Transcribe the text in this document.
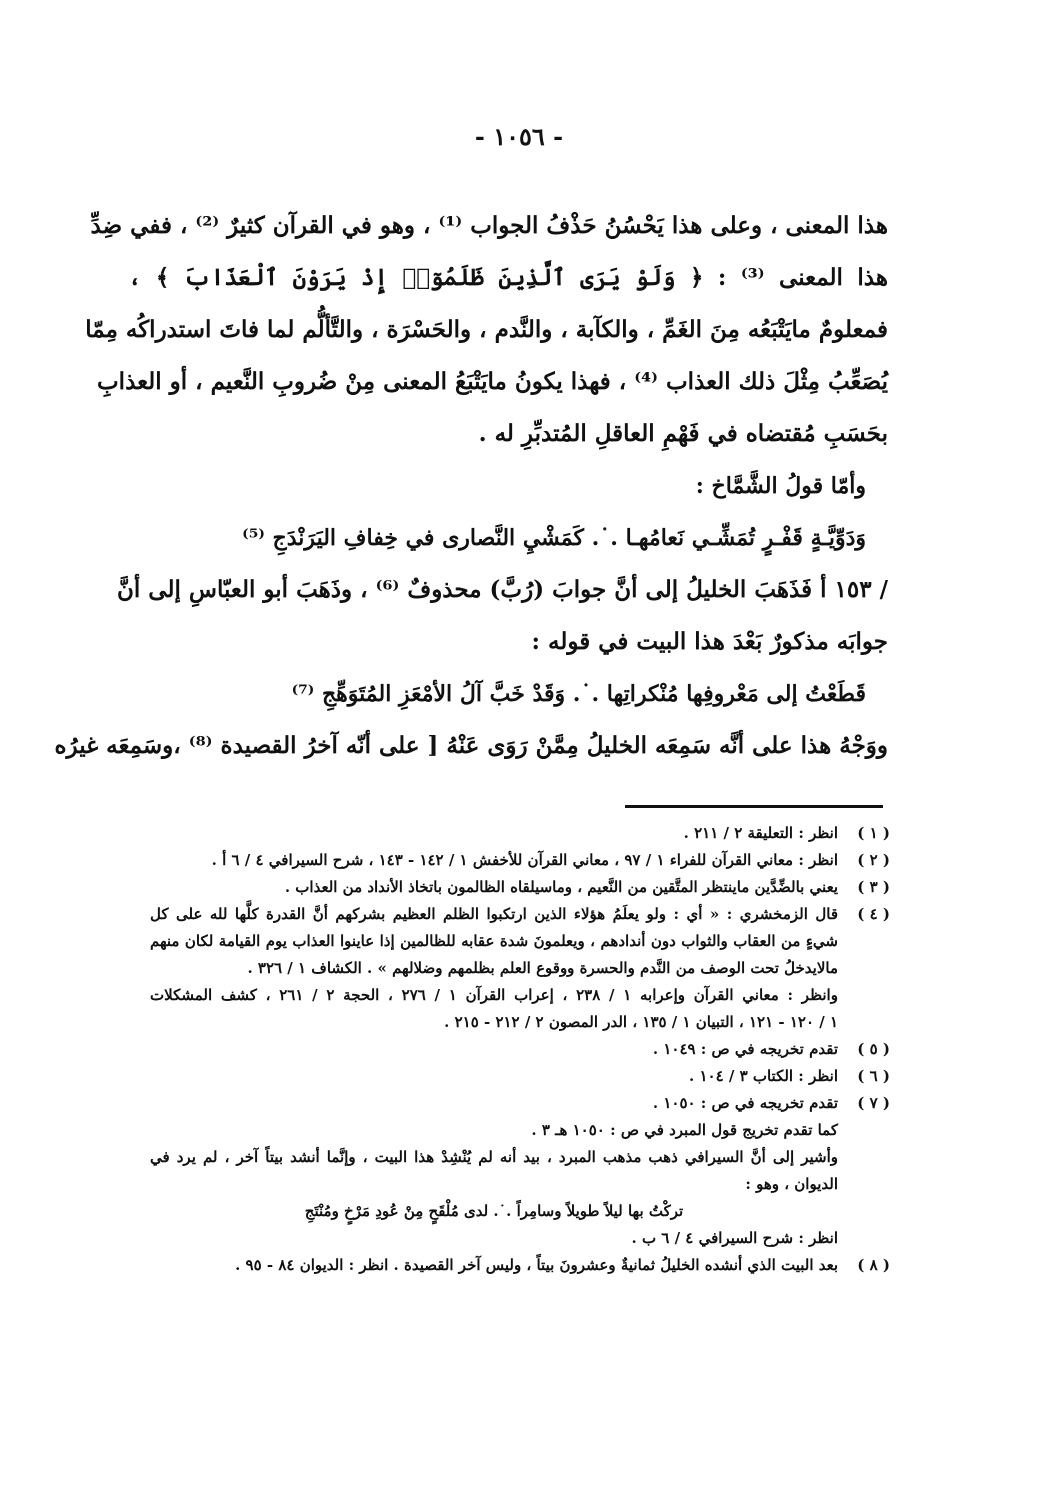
- ١٠٥٦ -
هذا المعنى ، وعلى هذا يَحْسُنُ حَذْفُ الجواب ⁽¹⁾ ، وهو في القرآن كثيرٌ ⁽²⁾ ، ففي ضِدِّ
هذا المعنى ⁽³⁾ : ﴿ وَلَوْ يَرَى ٱلَّذِينَ ظَلَمُوٓا۟ إِذْ يَرَوْنَ ٱلْعَذَابَ ﴾ ،
فمعلومٌ مايَتْبَعُه مِنَ الغَمِّ ، والكآبة ، والنَّدم ، والحَسْرَة ، والتَّألُّم لما فاتَ استدراكُه مِمّا
يُصَعِّبُ مِثْلَ ذلك العذاب ⁽⁴⁾ ، فهذا يكونُ مايَتْبَعُ المعنى مِنْ ضُروبِ النَّعيم ، أو العذابِ
بحَسَبِ مُقتضاه في فَهْمِ العاقلِ المُتدبِّرِ له .
وأمّا قولُ الشَّمَّاخ :
وَدَوِّيَّـةٍ قَفْـرٍ تُمَشِّـي نَعامُهـا .˙. كَمَشْيِ النَّصارى في خِفافِ اليَرَنْدَجِ ⁽⁵⁾
/ ١٥٣ أ فَذَهَبَ الخليلُ إلى أنَّ جوابَ (رُبَّ) محذوفٌ ⁽⁶⁾ ، وذَهَبَ أبو العبّاسِ إلى أنَّ
جوابَه مذكورٌ بَعْدَ هذا البيت في قوله :
قَطَعْتُ إلى مَعْروفِها مُنْكراتِها .˙. وَقَدْ خَبَّ آلُ الأمْعَزِ المُتَوَهِّجِ ⁽⁷⁾
ووَجْهُ هذا على أنَّه سَمِعَه الخليلُ مِمَّنْ رَوَى عَنْهُ [ على أنّه آخرُ القصيدة ⁽⁸⁾ ،وسَمِعَه غيرُه
( ١ )
انظر : التعليقة ٢ / ٢١١ .
( ٢ )
انظر : معاني القرآن للفراء ١ / ٩٧ ، معاني القرآن للأخفش ١ / ١٤٢ - ١٤٣ ، شرح السيرافي ٤ / ٦ أ .
( ٣ )
يعني بالضِّدَّين ماينتظر المتَّقين من النَّعيم ، وماسيلقاه الظالمون باتخاذ الأنداد من العذاب .
( ٤ )
قال الزمخشري : « أي : ولو يعلَمُ هؤلاء الذين ارتكبوا الظلم العظيم بشركهم أنَّ القدرة كلَّها لله على كل
شيءٍ من العقاب والثواب دون أندادهم ، ويعلمونَ شدة عقابه للظالمين إذا عاينوا العذاب يوم القيامة لكان منهم
مالايدخلُ تحت الوصف من النَّدم والحسرة ووقوع العلم بظلمهم وضلالهم » . الكشاف ١ / ٣٢٦ .
وانظر : معاني القرآن وإعرابه ١ / ٢٣٨ ، إعراب القرآن ١ / ٢٧٦ ، الحجة ٢ / ٢٦١ ، كشف المشكلات
١ / ١٢٠ - ١٢١ ، التبيان ١ / ١٣٥ ، الدر المصون ٢ / ٢١٢ - ٢١٥ .
( ٥ )
تقدم تخريجه في ص : ١٠٤٩ .
( ٦ )
انظر : الكتاب ٣ / ١٠٤ .
( ٧ )
تقدم تخريجه في ص : ١٠٥٠ .
كما تقدم تخريج قول المبرد في ص : ١٠٥٠ هـ ٣ .
وأشير إلى أنَّ السيرافي ذهب مذهب المبرد ، بيد أنه لم يُنْشِدْ هذا البيت ، وإنَّما أنشد بيتاً آخر ، لم يرد في
الديوان ، وهو :
تركْتُ بها ليلاً طويلاً وسامِراً .˙. لدى مُلْقَحٍ مِنْ عُودِ مَرْخٍ ومُنْتَجِ
انظر : شرح السيرافي ٤ / ٦ ب .
( ٨ )
بعد البيت الذي أنشده الخليلُ ثمانيةٌ وعشرونَ بيتاً ، وليس آخر القصيدة . انظر : الديوان ٨٤ - ٩٥ .
